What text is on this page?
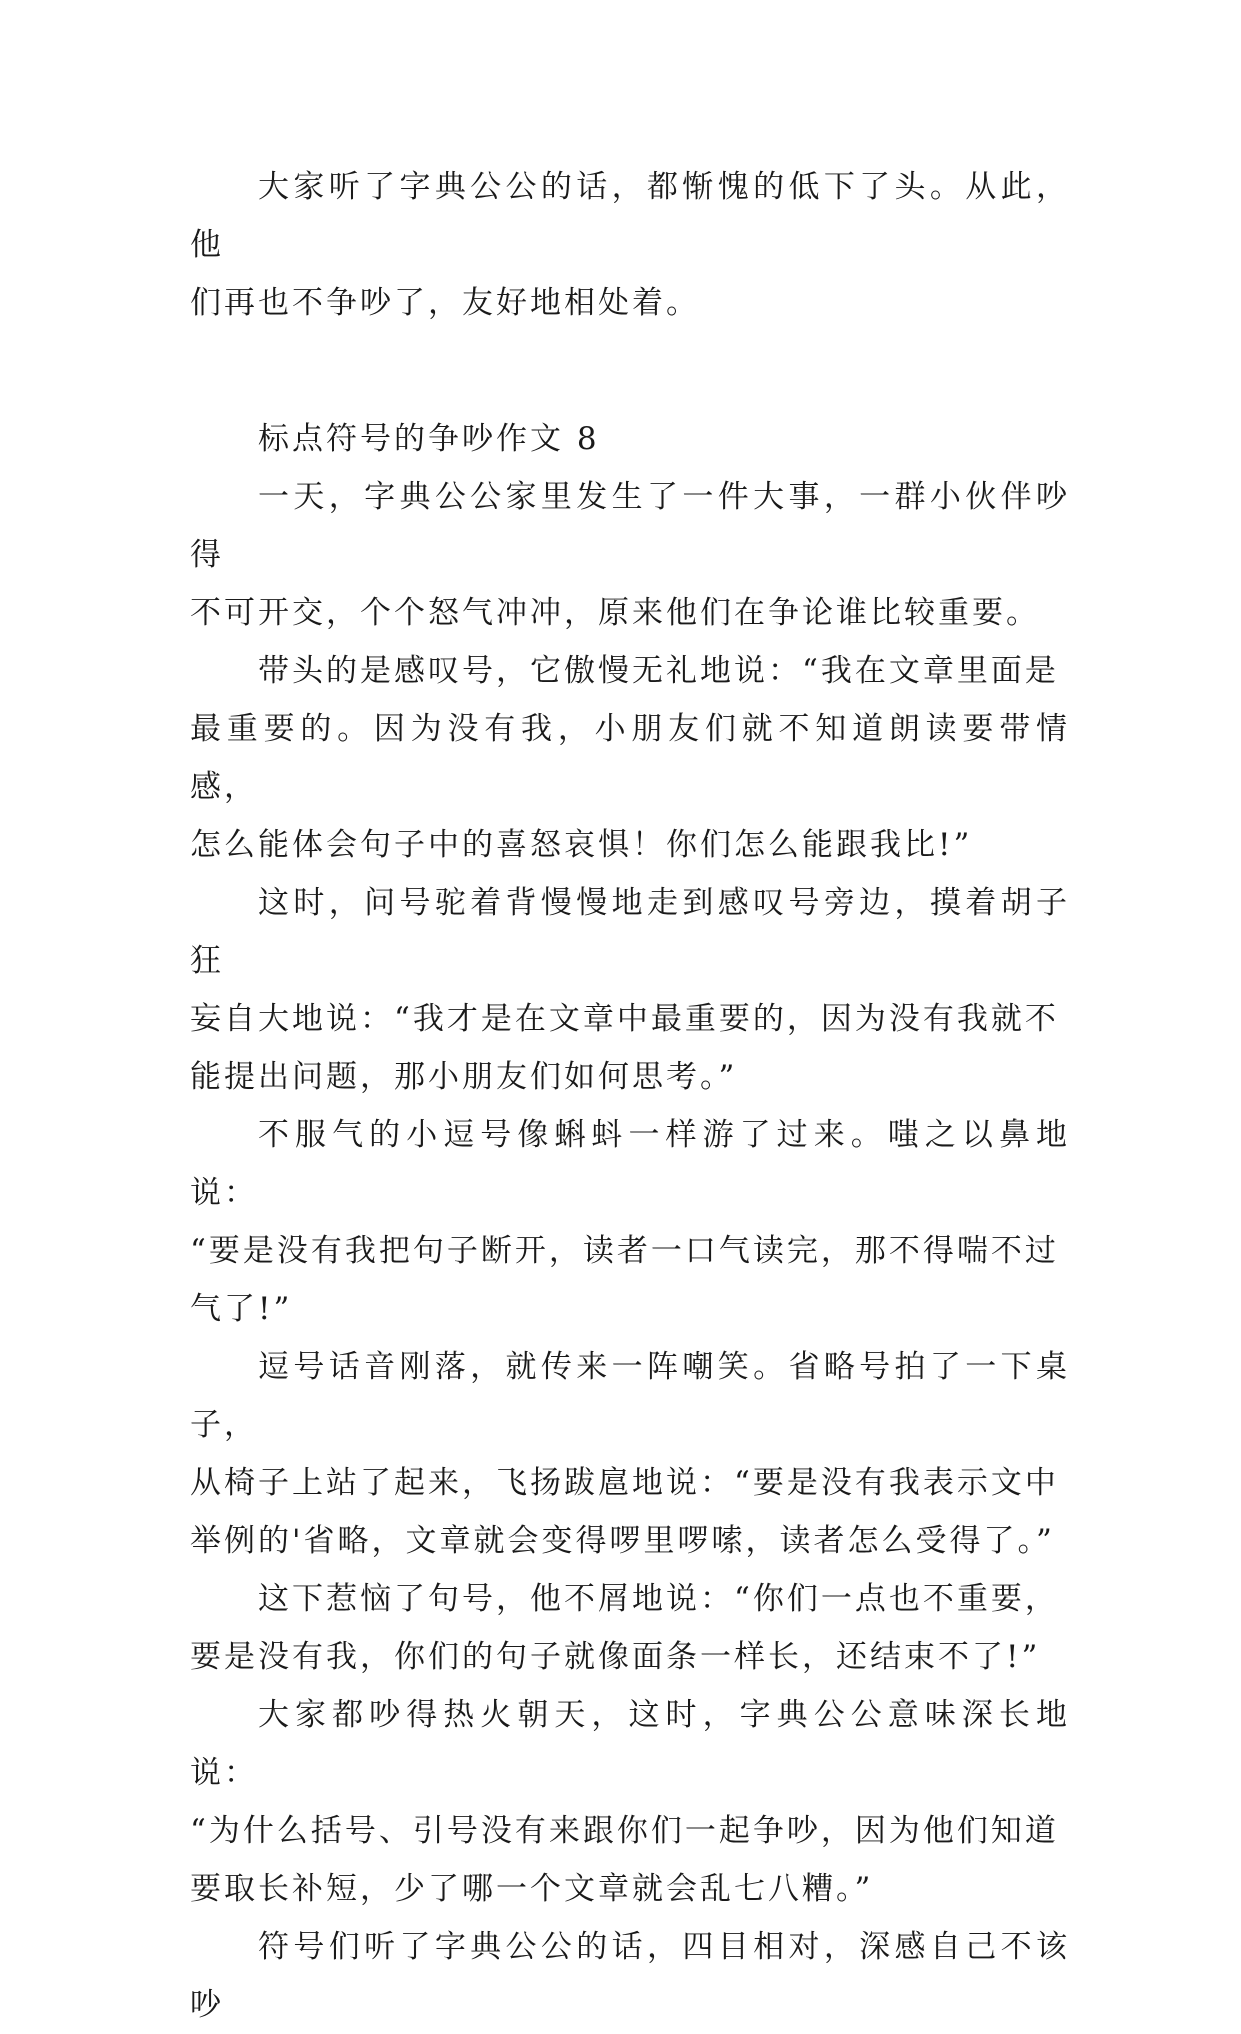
大家听了字典公公的话，都惭愧的低下了头。从此，他
们再也不争吵了，友好地相处着。

标点符号的争吵作文 8

一天，字典公公家里发生了一件大事，一群小伙伴吵得
不可开交，个个怒气冲冲，原来他们在争论谁比较重要。

带头的是感叹号，它傲慢无礼地说：“我在文章里面是
最重要的。因为没有我，小朋友们就不知道朗读要带情感，
怎么能体会句子中的喜怒哀惧！你们怎么能跟我比!”

这时，问号驼着背慢慢地走到感叹号旁边，摸着胡子狂
妄自大地说：“我才是在文章中最重要的，因为没有我就不
能提出问题，那小朋友们如何思考。”

不服气的小逗号像蝌蚪一样游了过来。嗤之以鼻地说：
“要是没有我把句子断开，读者一口气读完，那不得喘不过
气了!”

逗号话音刚落，就传来一阵嘲笑。省略号拍了一下桌子，
从椅子上站了起来，飞扬跋扈地说：“要是没有我表示文中
举例的'省略，文章就会变得啰里啰嗦，读者怎么受得了。”

这下惹恼了句号，他不屑地说：“你们一点也不重要，
要是没有我，你们的句子就像面条一样长，还结束不了!”

大家都吵得热火朝天，这时，字典公公意味深长地说：
“为什么括号、引号没有来跟你们一起争吵，因为他们知道
要取长补短，少了哪一个文章就会乱七八糟。”

符号们听了字典公公的话，四目相对，深感自己不该吵
